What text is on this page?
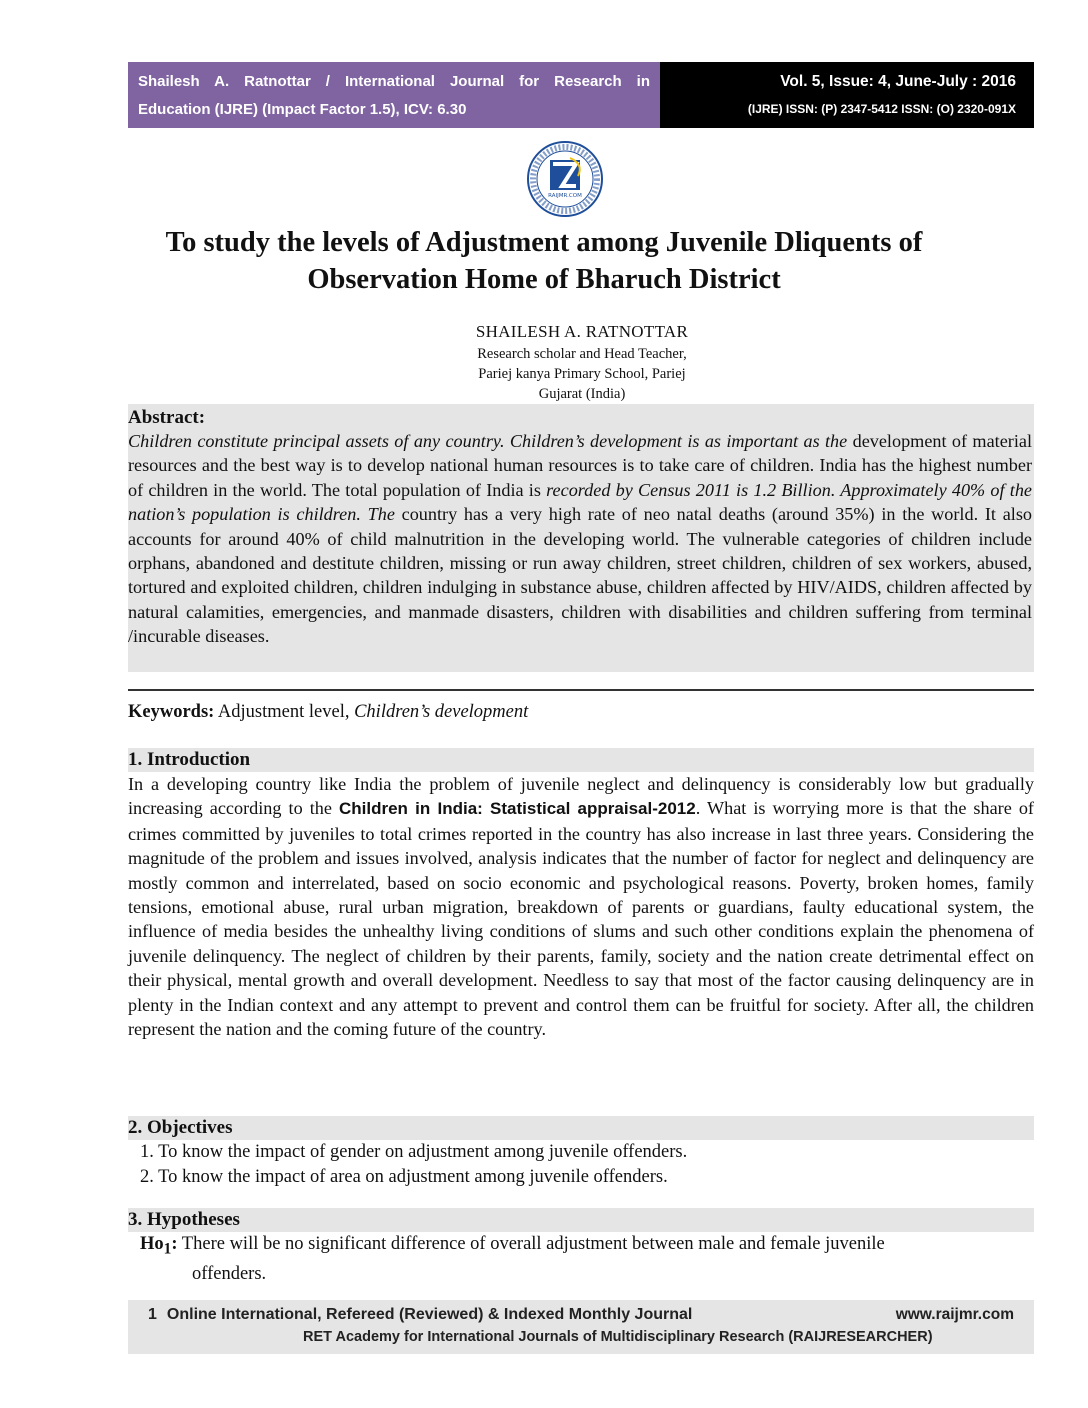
Shailesh A. Ratnottar / International Journal for Research in
Education (IJRE) (Impact Factor 1.5), ICV: 6.30
Vol. 5, Issue: 4, June-July : 2016
(IJRE) ISSN: (P) 2347-5412 ISSN: (O) 2320-091X
RAIJMR.COM
To study the levels of Adjustment among Juvenile Dliquents of
Observation Home of Bharuch District
SHAILESH A. RATNOTTAR
Research scholar and Head Teacher,
Pariej kanya Primary School, Pariej
Gujarat (India)
Abstract:
Children constitute principal assets of any country. Children’s development is as important as the development of material resources and the best way is to develop national human resources is to take care of children. India has the highest number of children in the world. The total population of India is recorded by Census 2011 is 1.2 Billion. Approximately 40% of the nation’s population is children. The country has a very high rate of neo natal deaths (around 35%) in the world. It also accounts for around 40% of child malnutrition in the developing world. The vulnerable categories of children include orphans, abandoned and destitute children, missing or run away children, street children, children of sex workers, abused, tortured and exploited children, children indulging in substance abuse, children affected by HIV/AIDS, children affected by natural calamities, emergencies, and manmade disasters, children with disabilities and children suffering from terminal /incurable diseases.
Keywords: Adjustment level, Children’s development
1. Introduction
In a developing country like India the problem of juvenile neglect and delinquency is considerably low but gradually increasing according to the Children in India: Statistical appraisal-2012. What is worrying more is that the share of crimes committed by juveniles to total crimes reported in the country has also increase in last three years. Considering the magnitude of the problem and issues involved, analysis indicates that the number of factor for neglect and delinquency are mostly common and interrelated, based on socio economic and psychological reasons. Poverty, broken homes, family tensions, emotional abuse, rural urban migration, breakdown of parents or guardians, faulty educational system, the influence of media besides the unhealthy living conditions of slums and such other conditions explain the phenomena of juvenile delinquency. The neglect of children by their parents, family, society and the nation create detrimental effect on their physical, mental growth and overall development. Needless to say that most of the factor causing delinquency are in plenty in the Indian context and any attempt to prevent and control them can be fruitful for society. After all, the children represent the nation and the coming future of the country.
2. Objectives
1. To know the impact of gender on adjustment among juvenile offenders.
2. To know the impact of area on adjustment among juvenile offenders.
3. Hypotheses
$Ho_1$: There will be no significant difference of overall adjustment between male and female juvenile
offenders.
1 Online International, Refereed (Reviewed) & Indexed Monthly Journal	www.raijmr.com
RET Academy for International Journals of Multidisciplinary Research (RAIJRESEARCHER)
